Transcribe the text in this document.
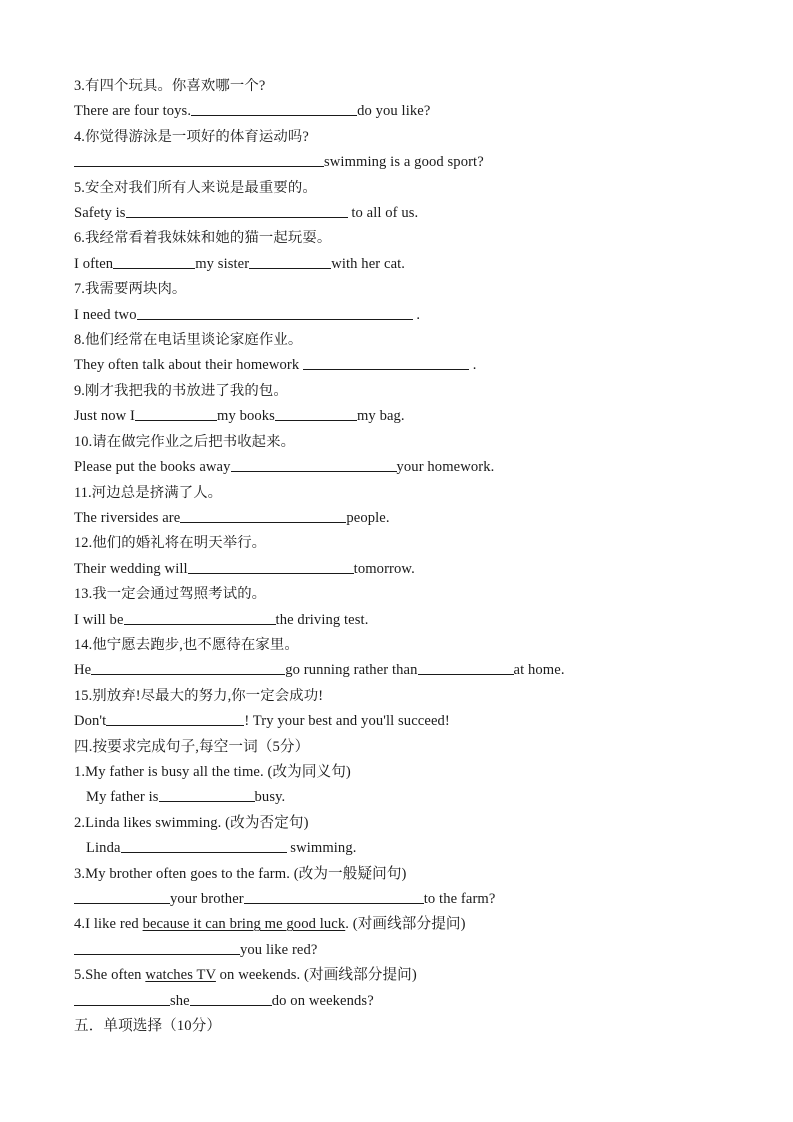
3.有四个玩具。你喜欢哪一个?
There are four toys.	do you like?
4.你觉得游泳是一项好的体育运动吗?
swimming is a good sport?
5.安全对我们所有人来说是最重要的。
Safety is	to all of us.
6.我经常看着我妹妹和她的猫一起玩耍。
I often	my sister	with her cat.
7.我需要两块肉。
I need two	.
8.他们经常在电话里谈论家庭作业。
They often talk about their homework	.
9.刚才我把我的书放进了我的包。
Just now I	my books	my bag.
10.请在做完作业之后把书收起来。
Please put the books away	your homework.
11.河边总是挤满了人。
The riversides are	people.
12.他们的婚礼将在明天举行。
Their wedding will	tomorrow.
13.我一定会通过驾照考试的。
I will be	the driving test.
14.他宁愿去跑步,也不愿待在家里。
He	go running rather than	at home.
15.别放弃!尽最大的努力,你一定会成功!
Don't	! Try your best and you'll succeed!
四.按要求完成句子,每空一词（5分）
1.My father is busy all the time. (改为同义句)
My father is	busy.
2.Linda likes swimming. (改为否定句)
Linda	swimming.
3.My brother often goes to the farm. (改为一般疑问句)
your brother	to the farm?
4.I like red because it can bring me good luck. (对画线部分提问)
you like red?
5.She often watches TV on weekends. (对画线部分提问)
she	do on weekends?
五．单项选择（10分）
